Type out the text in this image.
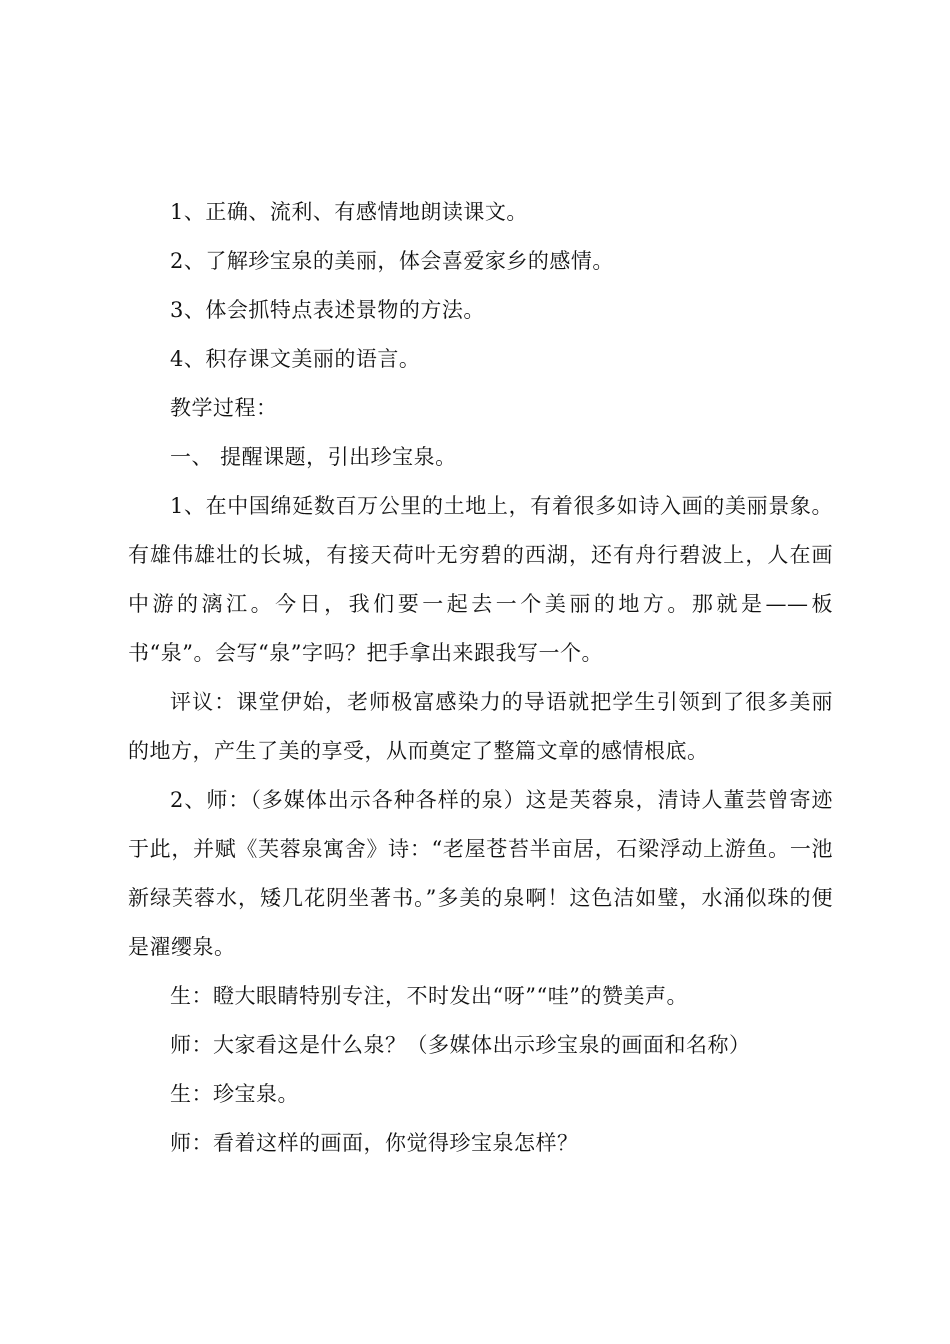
1、正确、流利、有感情地朗读课文。

2、了解珍宝泉的美丽，体会喜爱家乡的感情。

3、体会抓特点表述景物的方法。

4、积存课文美丽的语言。

教学过程：

一、 提醒课题，引出珍宝泉。

1、在中国绵延数百万公里的土地上，有着很多如诗入画的美丽景象。有雄伟雄壮的长城，有接天荷叶无穷碧的西湖，还有舟行碧波上，人在画中游的漓江。今日，我们要一起去一个美丽的地方。那就是——板书“泉”。会写“泉”字吗？把手拿出来跟我写一个。

评议：课堂伊始，老师极富感染力的导语就把学生引领到了很多美丽的地方，产生了美的享受，从而奠定了整篇文章的感情根底。

2、师：（多媒体出示各种各样的泉）这是芙蓉泉，清诗人董芸曾寄迹于此，并赋《芙蓉泉寓舍》诗：“老屋苍苔半亩居，石梁浮动上游鱼。一池新绿芙蓉水，矮几花阴坐著书。”多美的泉啊！这色洁如璧，水涌似珠的便是濯缨泉。

生：瞪大眼睛特别专注，不时发出“呀”“哇”的赞美声。

师：大家看这是什么泉？（多媒体出示珍宝泉的画面和名称）

生：珍宝泉。

师：看着这样的画面，你觉得珍宝泉怎样？
